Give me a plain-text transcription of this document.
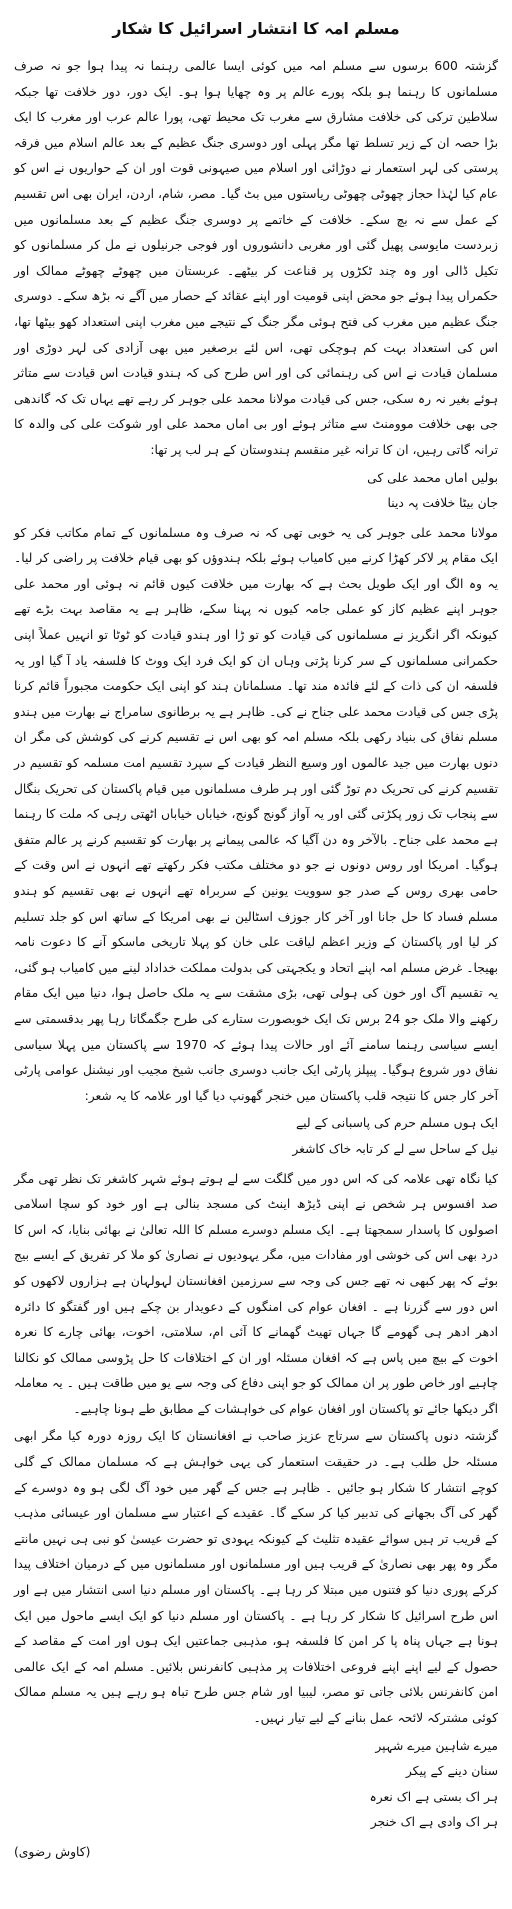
مسلم امہ کا انتشار اسرائیل کا شکار

گزشتہ 600 برسوں سے مسلم امہ میں کوئی ایسا عالمی رہنما نہ پیدا ہوا جو نہ صرف مسلمانوں کا رہنما ہو بلکہ پورے عالم پر وہ چھایا ہوا ہو۔ ایک دور، دور خلافت تھا جبکہ سلاطین ترکی کی خلافت مشارق سے مغرب تک محیط تھی، پورا عالم عرب اور مغرب کا ایک بڑا حصہ ان کے زیر تسلط تھا مگر پہلی اور دوسری جنگ عظیم کے بعد عالم اسلام میں فرقہ پرستی کی لہر استعمار نے دوڑائی اور اسلام میں صیہونی قوت اور ان کے حواریوں نے اس کو عام کیا لہٰذا حجاز چھوٹی چھوٹی ریاستوں میں بٹ گیا۔ مصر، شام، اردن، ایران بھی اس تقسیم کے عمل سے نہ بچ سکے۔ خلافت کے خاتمے پر دوسری جنگ عظیم کے بعد مسلمانوں میں زبردست مایوسی پھیل گئی اور مغربی دانشوروں اور فوجی جرنیلوں نے مل کر مسلمانوں کو تکیل ڈالی اور وہ چند ٹکڑوں پر قناعت کر بیٹھے۔ عربستان میں چھوٹے چھوٹے ممالک اور حکمراں پیدا ہوئے جو محض اپنی قومیت اور اپنے عقائد کے حصار میں آگے نہ بڑھ سکے۔ دوسری جنگ عظیم میں مغرب کی فتح ہوئی مگر جنگ کے نتیجے میں مغرب اپنی استعداد کھو بیٹھا تھا، اس کی استعداد بہت کم ہوچکی تھی، اس لئے برصغیر میں بھی آزادی کی لہر دوڑی اور مسلمان قیادت نے اس کی رہنمائی کی اور اس طرح کی کہ ہندو قیادت اس قیادت سے متاثر ہوئے بغیر نہ رہ سکی، جس کی قیادت مولانا محمد علی جوہر کر رہے تھے یہاں تک کہ گاندھی جی بھی خلافت موومنٹ سے متاثر ہوئے اور بی اماں محمد علی اور شوکت علی کی والدہ کا ترانہ گاتی رہیں، ان کا ترانہ غیر منقسم ہندوستان کے ہر لب پر تھا:

بولیں اماں محمد علی کی

جان بیٹا خلافت پہ دینا

مولانا محمد علی جوہر کی یہ خوبی تھی کہ نہ صرف وہ مسلمانوں کے تمام مکاتب فکر کو ایک مقام پر لاکر کھڑا کرنے میں کامیاب ہوئے بلکہ ہندوؤں کو بھی قیام خلافت پر راضی کر لیا۔ یہ وہ الگ اور ایک طویل بحث ہے کہ بھارت میں خلافت کیوں قائم نہ ہوئی اور محمد علی جوہر اپنے عظیم کاز کو عملی جامہ کیوں نہ پہنا سکے، ظاہر ہے یہ مقاصد بہت بڑے تھے کیونکہ اگر انگریز نے مسلمانوں کی قیادت کو تو ڑا اور ہندو قیادت کو ٹوٹا تو انہیں عملاً اپنی حکمرانی مسلمانوں کے سر کرنا پڑتی وہاں ان کو ایک فرد ایک ووٹ کا فلسفہ یاد آ گیا اور یہ فلسفہ ان کی ذات کے لئے فائدہ مند تھا۔ مسلمانان ہند کو اپنی ایک حکومت مجبوراً قائم کرنا پڑی جس کی قیادت محمد علی جناح نے کی۔ ظاہر ہے یہ برطانوی سامراج نے بھارت میں ہندو مسلم نفاق کی بنیاد رکھی بلکہ مسلم امہ کو بھی اس نے تقسیم کرنے کی کوشش کی مگر ان دنوں بھارت میں جید عالموں اور وسیع النظر قیادت کے سپرد تقسیم امت مسلمہ کو تقسیم در تقسیم کرنے کی تحریک دم توڑ گئی اور ہر طرف مسلمانوں میں قیام پاکستان کی تحریک بنگال سے پنجاب تک زور پکڑتی گئی اور یہ آواز گونج گونج، خیاباں خیاباں اٹھتی رہی کہ ملت کا رہنما ہے محمد علی جناح۔ بالآخر وہ دن آگیا کہ عالمی پیمانے پر بھارت کو تقسیم کرنے پر عالم متفق ہوگیا۔ امریکا اور روس دونوں نے جو دو مختلف مکتب فکر رکھتے تھے انہوں نے اس وقت کے حامی بھری روس کے صدر جو سوویت یونین کے سربراہ تھے انہوں نے بھی تقسیم کو ہندو مسلم فساد کا حل جانا اور آخر کار جوزف اسٹالین نے بھی امریکا کے ساتھ اس کو جلد تسلیم کر لیا اور پاکستان کے وزیر اعظم لیاقت علی خان کو پہلا تاریخی ماسکو آنے کا دعوت نامہ بھیجا۔ غرض مسلم امہ اپنے اتحاد و یکجہتی کی بدولت مملکت خداداد لینے میں کامیاب ہو گئی، یہ تقسیم آگ اور خون کی ہولی تھی، بڑی مشقت سے یہ ملک حاصل ہوا، دنیا میں ایک مقام رکھنے والا ملک جو 24 برس تک ایک خوبصورت ستارے کی طرح جگمگاتا رہا پھر بدقسمتی سے ایسے سیاسی رہنما سامنے آئے اور حالات پیدا ہوئے کہ 1970 سے پاکستان میں پہلا سیاسی نفاق دور شروع ہوگیا۔ پیپلز پارٹی ایک جانب دوسری جانب شیخ مجیب اور نیشنل عوامی پارٹی آخر کار جس کا نتیجہ قلب پاکستان میں خنجر گھونپ دیا گیا اور علامہ کا یہ شعر:

ایک ہوں مسلم حرم کی پاسبانی کے لیے

نیل کے ساحل سے لے کر تابہ خاک کاشغر

کیا نگاہ تھی علامہ کی کہ اس دور میں گلگت سے لے ہوتے ہوئے شہر کاشغر تک نظر تھی مگر صد افسوس ہر شخص نے اپنی ڈیڑھ اینٹ کی مسجد بنالی ہے اور خود کو سچا اسلامی اصولوں کا پاسدار سمجھتا ہے۔ ایک مسلم دوسرے مسلم کا اللہ تعالیٰ نے بھائی بنایا، کہ اس کا درد بھی اس کی خوشی اور مفادات میں، مگر یہودیوں نے نصاریٰ کو ملا کر تفریق کے ایسے بیج بوئے کہ پھر کبھی نہ تھے جس کی وجہ سے سرزمین افغانستان لہولہان ہے ہزاروں لاکھوں کو اس دور سے گزرنا ہے ۔ افغان عوام کی امنگوں کے دعویدار بن چکے ہیں اور گفتگو کا دائرہ ادھر ادھر ہی گھومے گا جہاں تھیٹ گھمانے کا آئی ام، سلامتی، اخوت، بھائی چارے کا نعرہ اخوت کے بیچ میں پاس ہے کہ افغان مسئلہ اور ان کے اختلافات کا حل پڑوسی ممالک کو نکالنا چاہیے اور خاص طور پر ان ممالک کو جو اپنی دفاع کی وجہ سے یو میں طاقت ہیں ۔ یہ معاملہ اگر دیکھا جائے تو پاکستان اور افغان عوام کی خواہشات کے مطابق طے ہونا چاہیے۔

گزشتہ دنوں پاکستان سے سرتاج عزیز صاحب نے افغانستان کا ایک روزہ دورہ کیا مگر ابھی مسئلہ حل طلب ہے۔ در حقیقت استعمار کی یہی خواہش ہے کہ مسلمان ممالک کے گلی کوچے انتشار کا شکار ہو جائیں ۔ ظاہر ہے جس کے گھر میں خود آگ لگی ہو وہ دوسرے کے گھر کی آگ بجھانے کی تدبیر کیا کر سکے گا۔ عقیدے کے اعتبار سے مسلمان اور عیسائی مذہب کے قریب تر ہیں سوائے عقیدہ تثلیث کے کیونکہ یہودی تو حضرت عیسیٰ کو نبی ہی نہیں مانتے مگر وہ پھر بھی نصاریٰ کے قریب ہیں اور مسلمانوں اور مسلمانوں میں کے درمیان اختلاف پیدا کرکے پوری دنیا کو فتنوں میں مبتلا کر رہا ہے۔ پاکستان اور مسلم دنیا اسی انتشار میں ہے اور اس طرح اسرائیل کا شکار کر رہا ہے ۔ پاکستان اور مسلم دنیا کو ایک ایسے ماحول میں ایک ہونا ہے جہاں پناہ پا کر امن کا فلسفہ ہو، مذہبی جماعتیں ایک ہوں اور امت کے مقاصد کے حصول کے لیے اپنے اپنے فروعی اختلافات پر مذہبی کانفرنس بلائیں۔ مسلم امہ کے ایک عالمی امن کانفرنس بلائی جاتی تو مصر، لیبیا اور شام جس طرح تباہ ہو رہے ہیں یہ مسلم ممالک کوئی مشترکہ لائحہ عمل بنانے کے لیے تیار نہیں۔

میرے شاہین میرے شہپر

سنان دینے کے پیکر

ہر اک بستی ہے اک نعرہ

ہر اک وادی ہے اک خنجر

(کاوش رضوی)
